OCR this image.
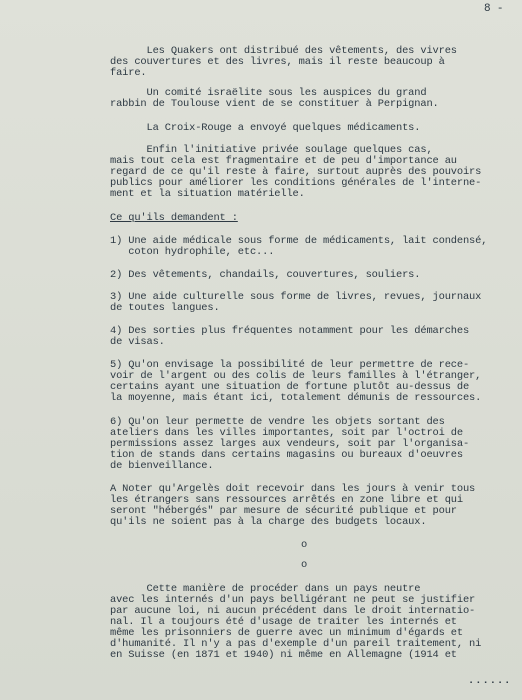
8 -
Les Quakers ont distribué des vêtements, des vivres
des couvertures et des livres, mais il reste beaucoup à
faire.
Un comité israëlite sous les auspices du grand
rabbin de Toulouse vient de se constituer à Perpignan.
La Croix-Rouge a envoyé quelques médicaments.
Enfin l'initiative privée soulage quelques cas,
mais tout cela est fragmentaire et de peu d'importance au
regard de ce qu'il reste à faire, surtout auprès des pouvoirs
publics pour améliorer les conditions générales de l'interne-
ment et la situation matérielle.
Ce qu'ils demandent :
1) Une aide médicale sous forme de médicaments, lait condensé,
coton hydrophile, etc...
2) Des vêtements, chandails, couvertures, souliers.
3) Une aide culturelle sous forme de livres, revues, journaux
de toutes langues.
4) Des sorties plus fréquentes notamment pour les démarches
de visas.
5) Qu'on envisage la possibilité de leur permettre de rece-
voir de l'argent ou des colis de leurs familles à l'étranger,
certains ayant une situation de fortune plutôt au-dessus de
la moyenne, mais étant ici, totalement démunis de ressources.
6) Qu'on leur permette de vendre les objets sortant des
ateliers dans les villes importantes, soit par l'octroi de
permissions assez larges aux vendeurs, soit par l'organisa-
tion de stands dans certains magasins ou bureaux d'oeuvres
de bienveillance.
A Noter qu'Argelès doit recevoir dans les jours à venir tous
les étrangers sans ressources arrêtés en zone libre et qui
seront "hébergés" par mesure de sécurité publique et pour
qu'ils ne soient pas à la charge des budgets locaux.
o
o
Cette manière de procéder dans un pays neutre
avec les internés d'un pays belligérant ne peut se justifier
par aucune loi, ni aucun précédent dans le droit internatio-
nal. Il a toujours été d'usage de traiter les internés et
même les prisonniers de guerre avec un minimum d'égards et
d'humanité. Il n'y a pas d'exemple d'un pareil traitement, ni
en Suisse (en 1871 et 1940) ni même en Allemagne (1914 et
......
